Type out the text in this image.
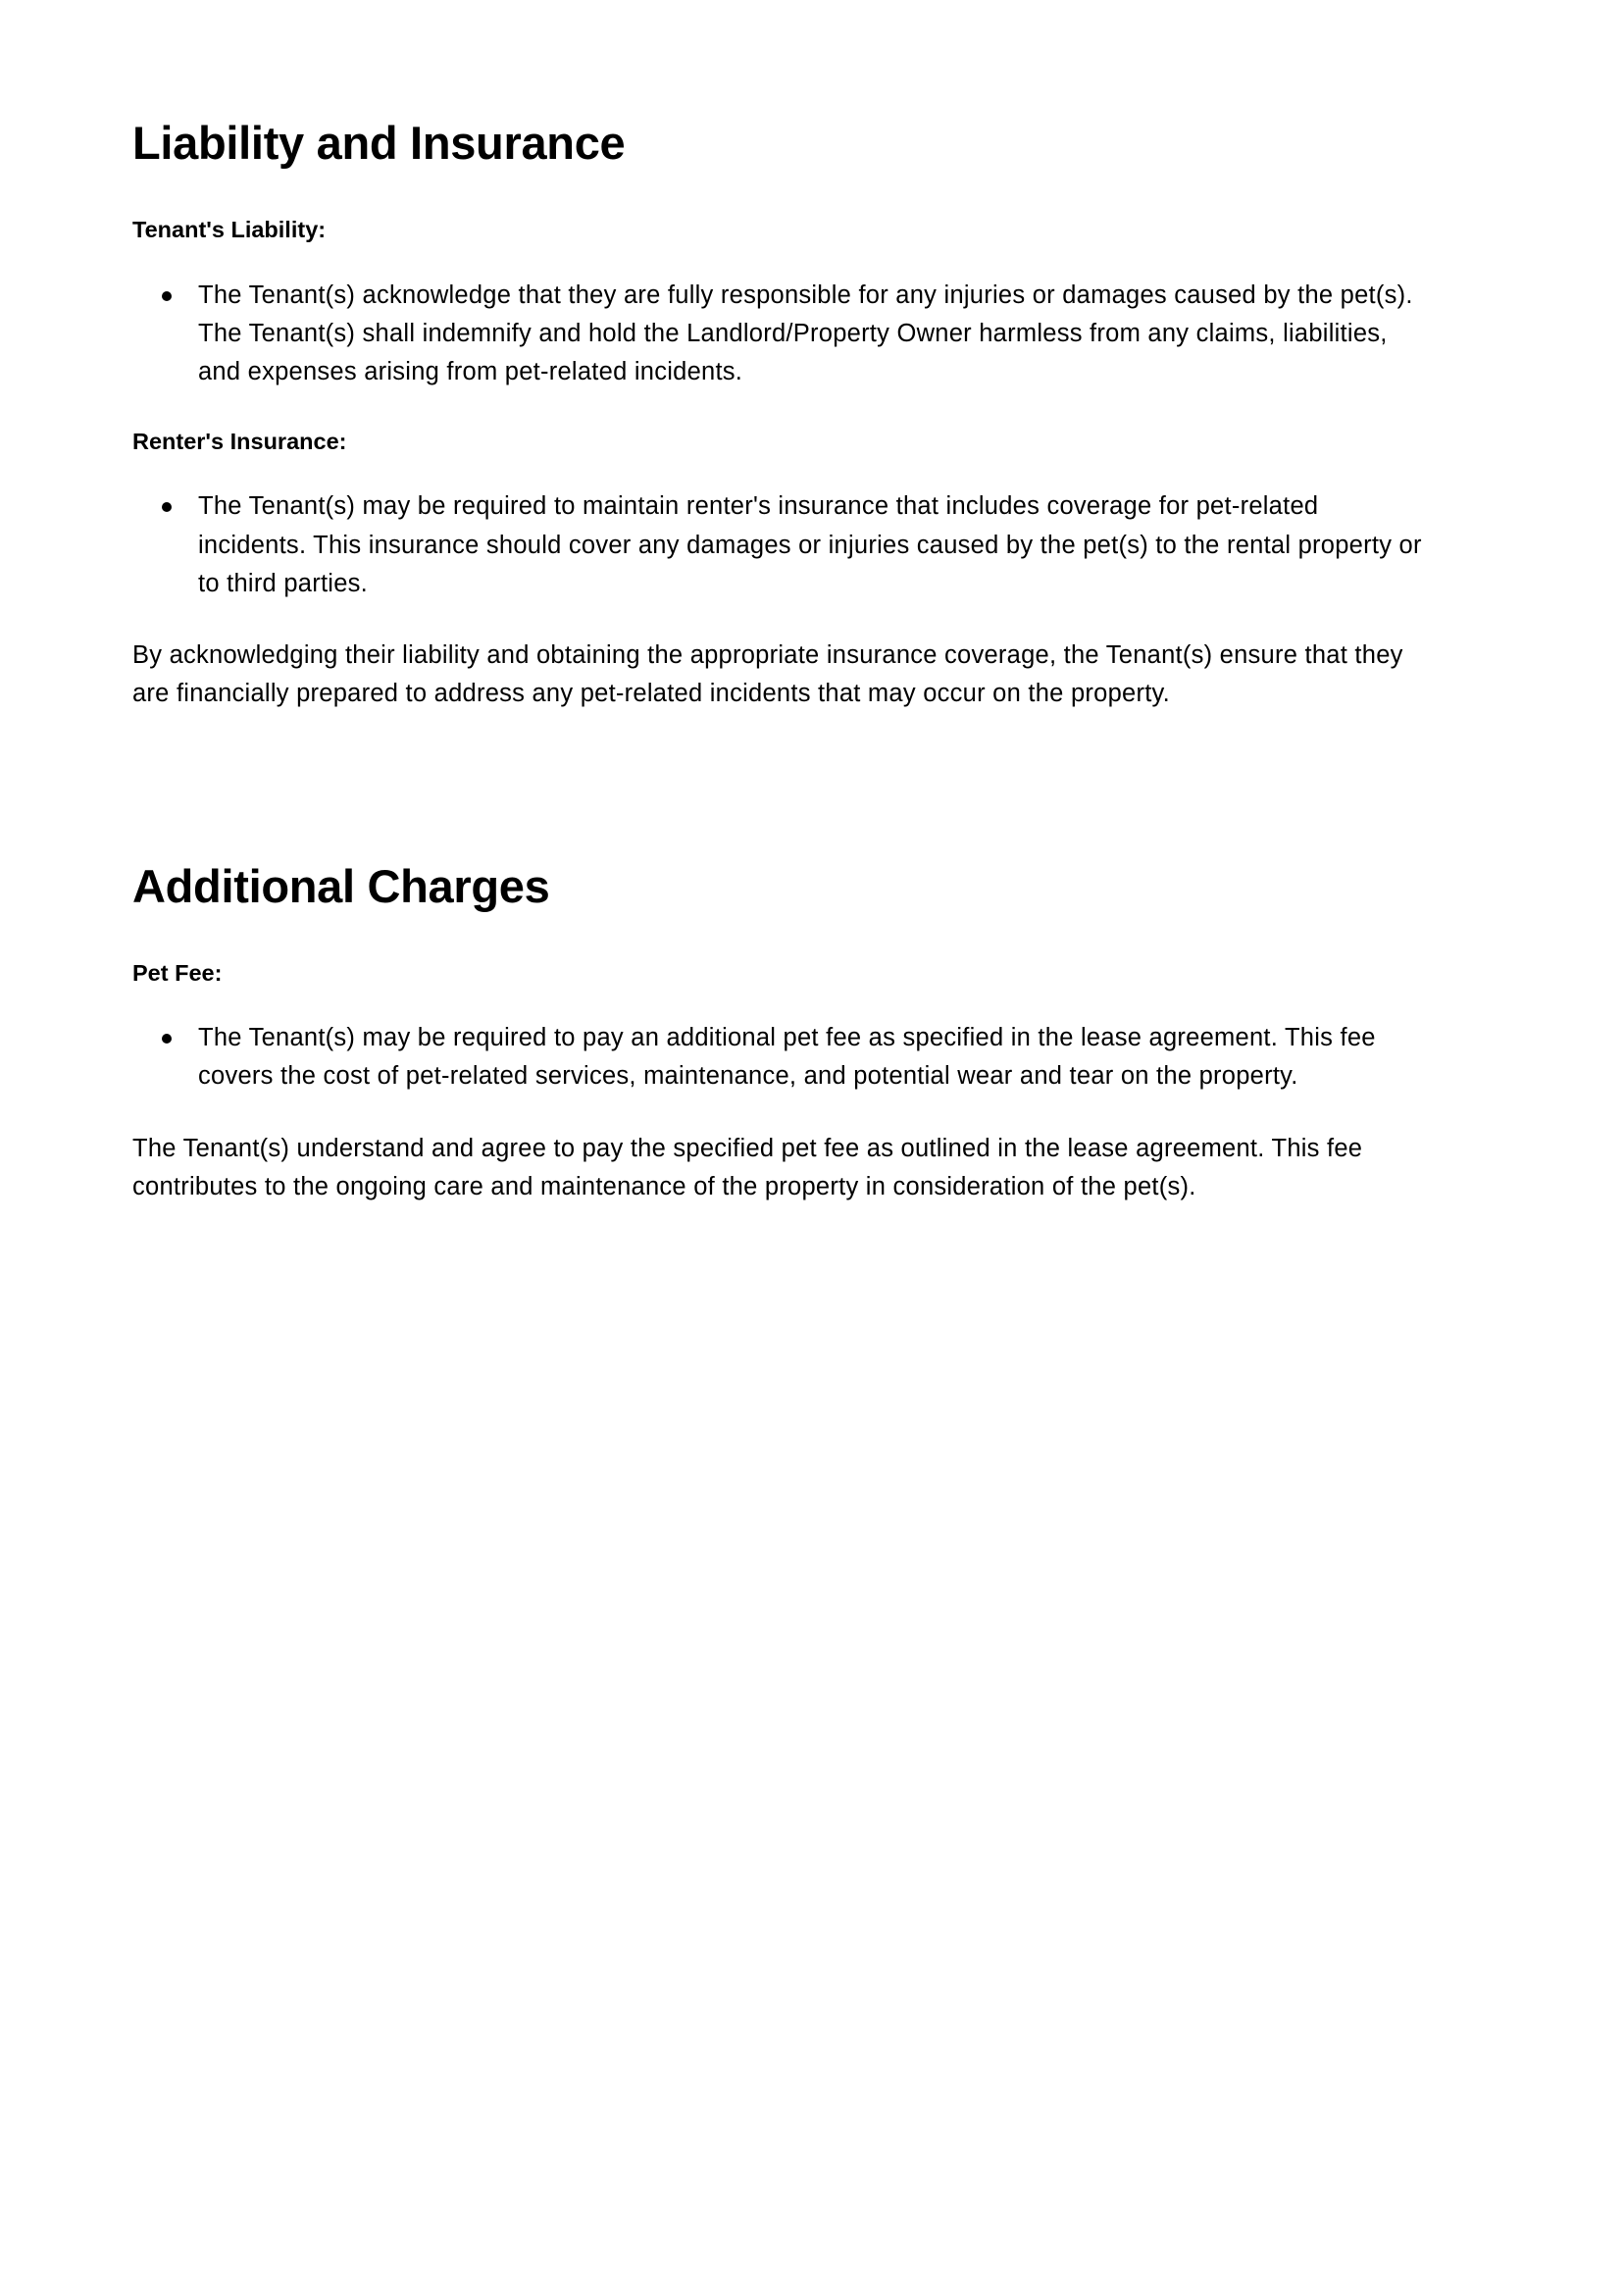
Liability and Insurance
Tenant's Liability:
The Tenant(s) acknowledge that they are fully responsible for any injuries or damages caused by the pet(s). The Tenant(s) shall indemnify and hold the Landlord/Property Owner harmless from any claims, liabilities, and expenses arising from pet-related incidents.
Renter's Insurance:
The Tenant(s) may be required to maintain renter's insurance that includes coverage for pet-related incidents. This insurance should cover any damages or injuries caused by the pet(s) to the rental property or to third parties.

By acknowledging their liability and obtaining the appropriate insurance coverage, the Tenant(s) ensure that they are financially prepared to address any pet-related incidents that may occur on the property.

Additional Charges
Pet Fee:
The Tenant(s) may be required to pay an additional pet fee as specified in the lease agreement. This fee covers the cost of pet-related services, maintenance, and potential wear and tear on the property.

The Tenant(s) understand and agree to pay the specified pet fee as outlined in the lease agreement. This fee contributes to the ongoing care and maintenance of the property in consideration of the pet(s).
